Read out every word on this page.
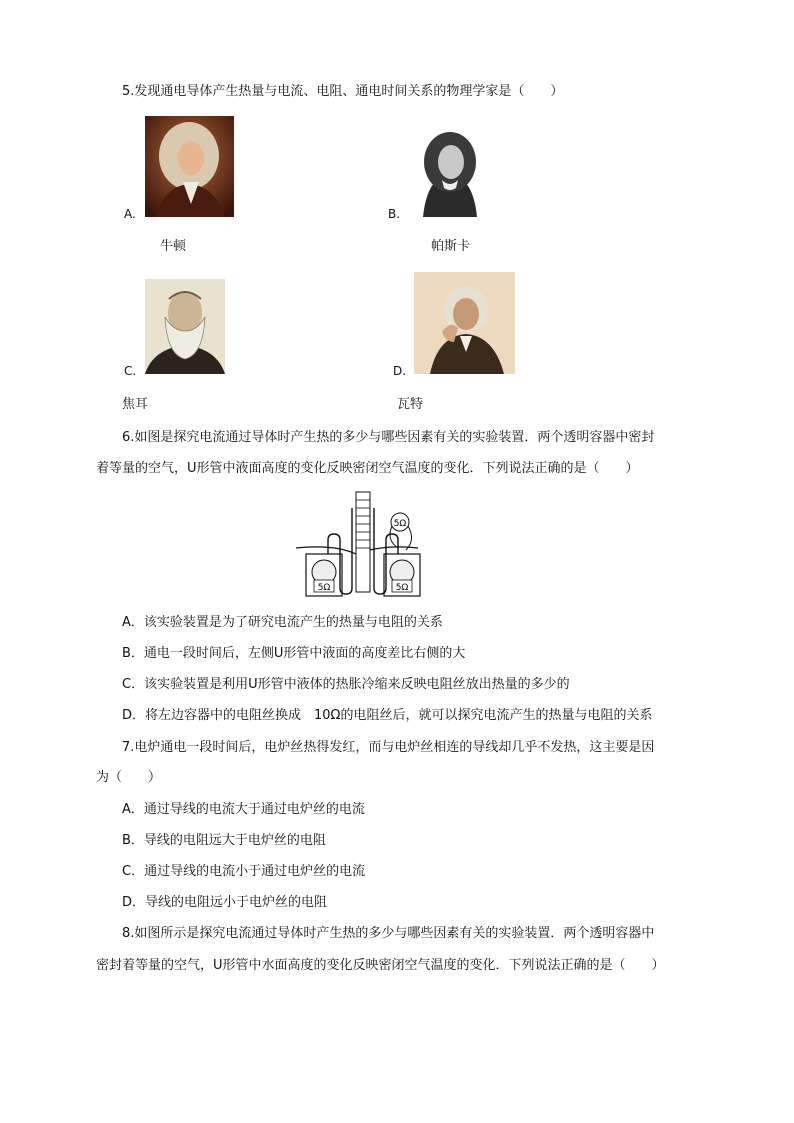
5.发现通电导体产生热量与电流、电阻、通电时间关系的物理学家是（　　）
A.
牛顿
B.
帕斯卡
C.
焦耳
D.
瓦特
6.如图是探究电流通过导体时产生热的多少与哪些因素有关的实验装置．两个透明容器中密封
着等量的空气，U形管中液面高度的变化反映密闭空气温度的变化．下列说法正确的是（　　）
5Ω
5Ω	5Ω
A．该实验装置是为了研究电流产生的热量与电阻的关系
B．通电一段时间后，左侧U形管中液面的高度差比右侧的大
C．该实验装置是利用U形管中液体的热胀冷缩来反映电阻丝放出热量的多少的
D．将左边容器中的电阻丝换成　10Ω的电阻丝后，就可以探究电流产生的热量与电阻的关系
7.电炉通电一段时间后，电炉丝热得发红，而与电炉丝相连的导线却几乎不发热，这主要是因
为（　　）
A．通过导线的电流大于通过电炉丝的电流
B．导线的电阻远大于电炉丝的电阻
C．通过导线的电流小于通过电炉丝的电流
D．导线的电阻远小于电炉丝的电阻
8.如图所示是探究电流通过导体时产生热的多少与哪些因素有关的实验装置．两个透明容器中
密封着等量的空气，U形管中水面高度的变化反映密闭空气温度的变化．下列说法正确的是（　　）
